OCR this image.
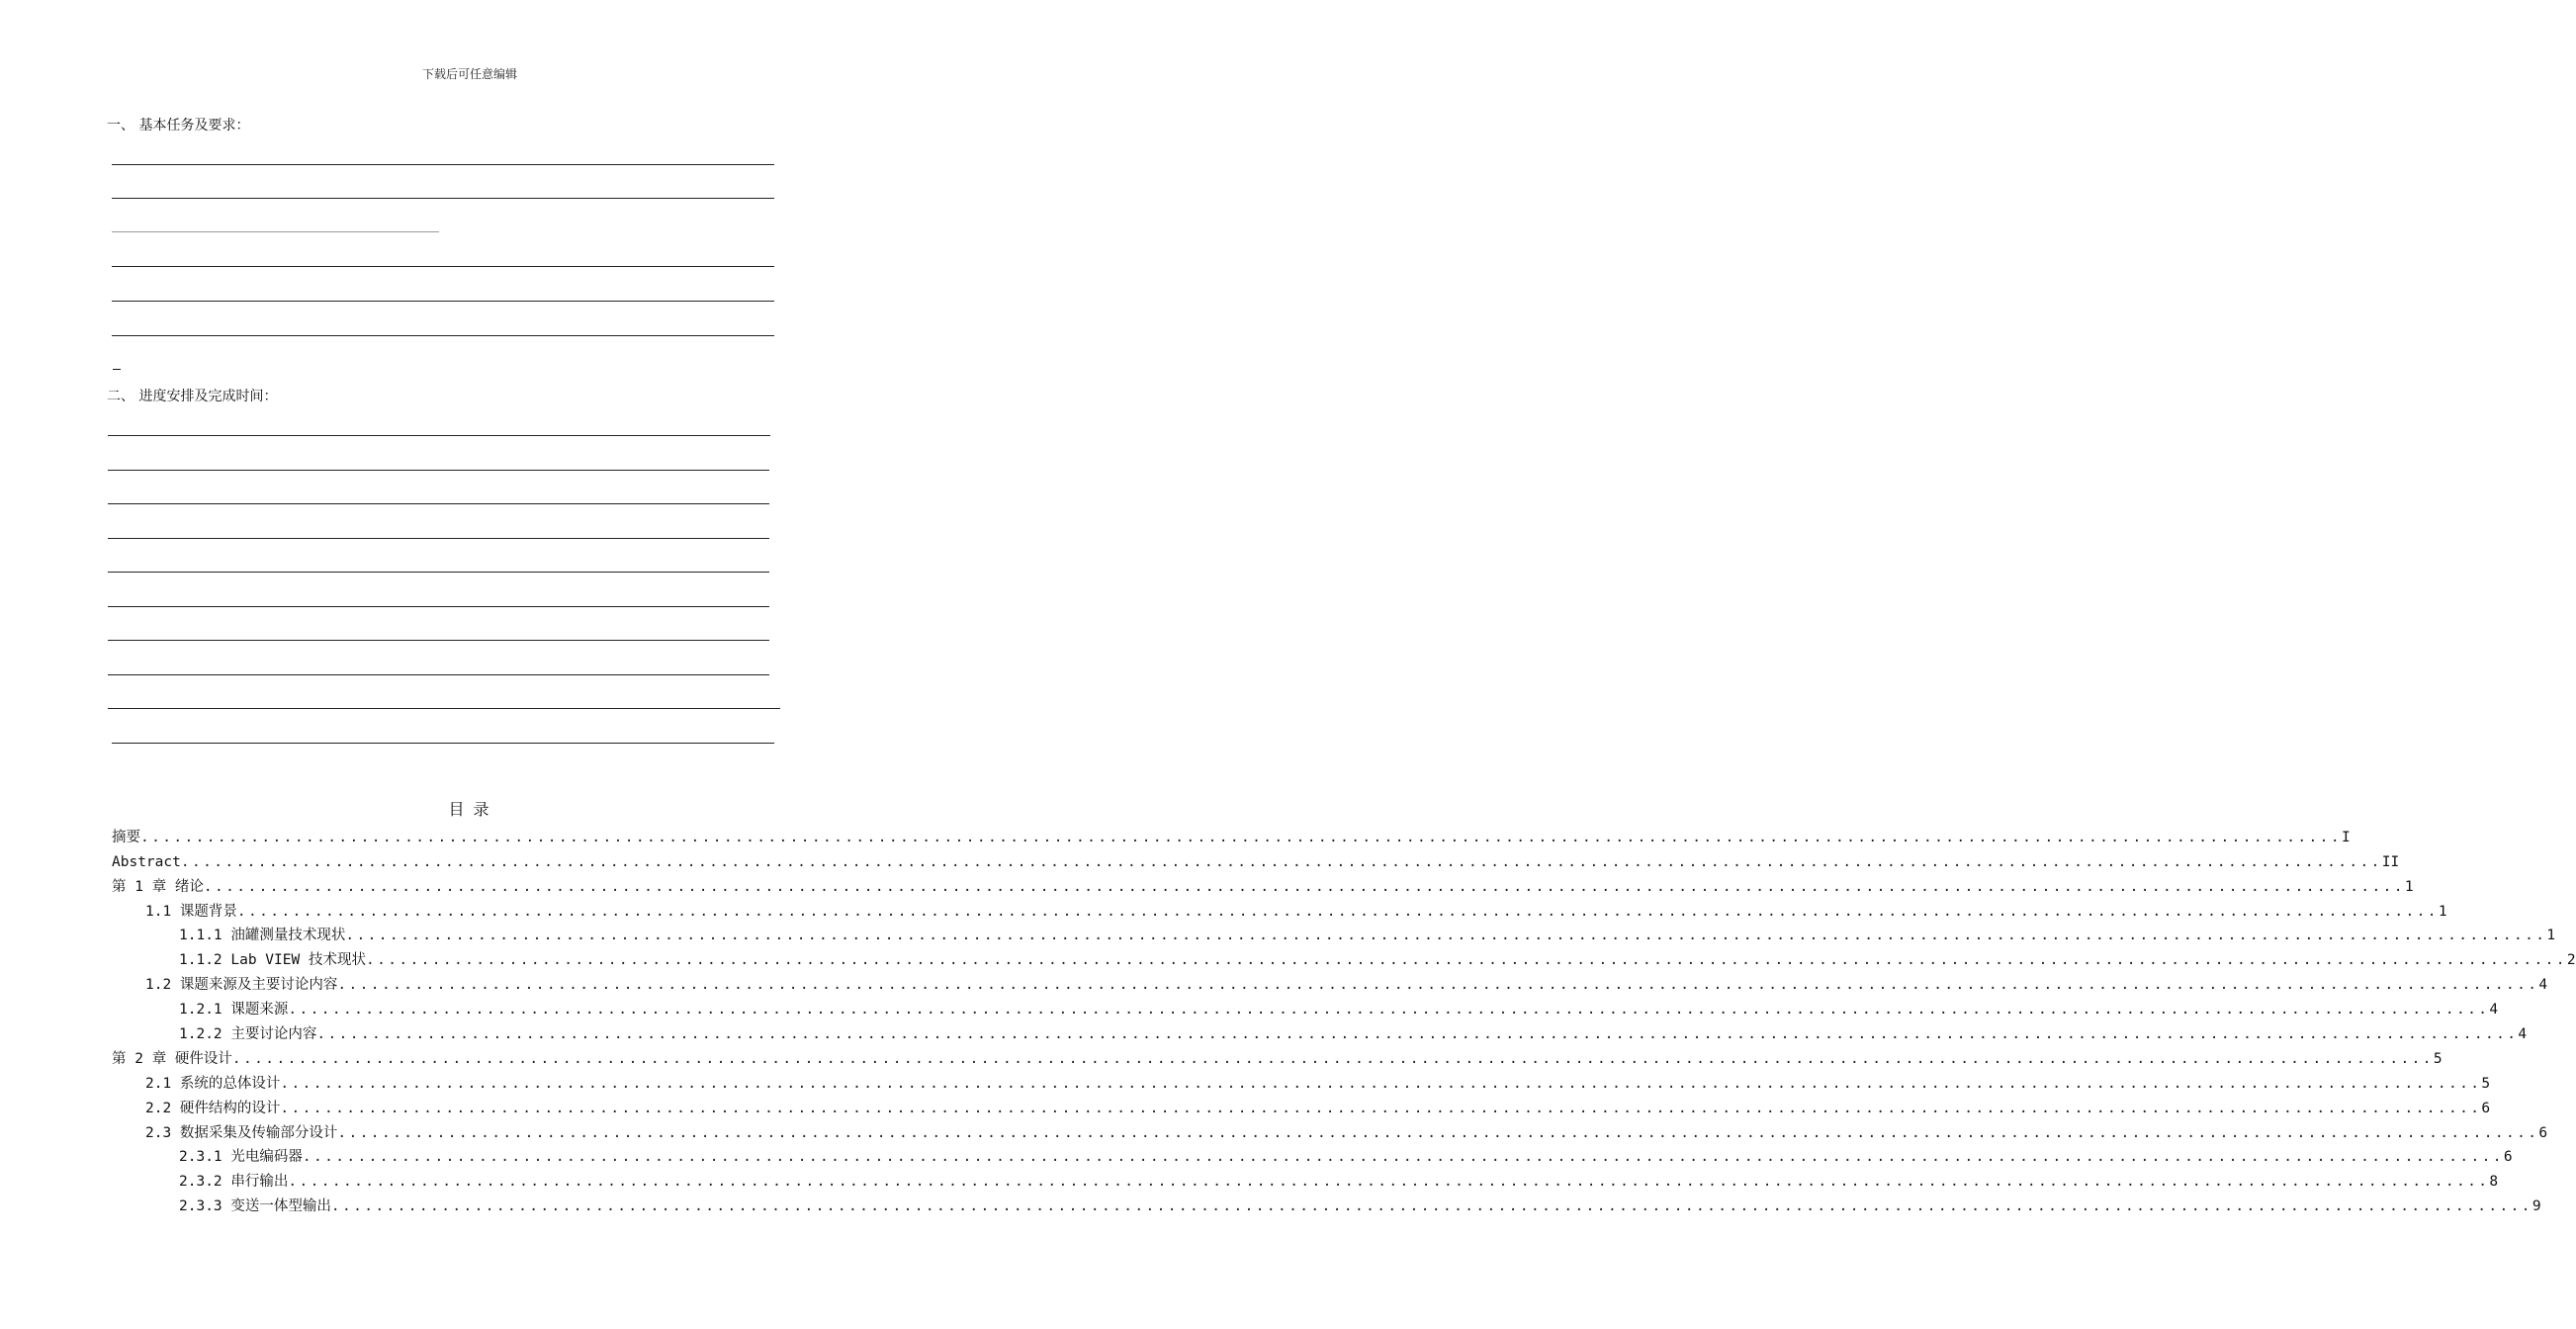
下载后可任意编辑
一、 基本任务及要求：
二、 进度安排及完成时间：
目 录
摘要 ........................................................................................................................................................................................................ I
Abstract ........................................................................................................................................................................................................ II
第 1 章 绪论 ........................................................................................................................................................................................................ 1
1.1 课题背景 ........................................................................................................................................................................................................ 1
1.1.1 油罐测量技术现状 ........................................................................................................................................................................................................ 1
1.1.2 Lab VIEW 技术现状 ........................................................................................................................................................................................................ 2
1.2 课题来源及主要讨论内容 ........................................................................................................................................................................................................ 4
1.2.1 课题来源 ........................................................................................................................................................................................................ 4
1.2.2 主要讨论内容 ........................................................................................................................................................................................................ 4
第 2 章 硬件设计 ........................................................................................................................................................................................................ 5
2.1 系统的总体设计 ........................................................................................................................................................................................................ 5
2.2 硬件结构的设计 ........................................................................................................................................................................................................ 6
2.3 数据采集及传输部分设计 ........................................................................................................................................................................................................ 6
2.3.1 光电编码器 ........................................................................................................................................................................................................ 6
2.3.2 串行输出 ........................................................................................................................................................................................................ 8
2.3.3 变送一体型输出 ........................................................................................................................................................................................................ 9
